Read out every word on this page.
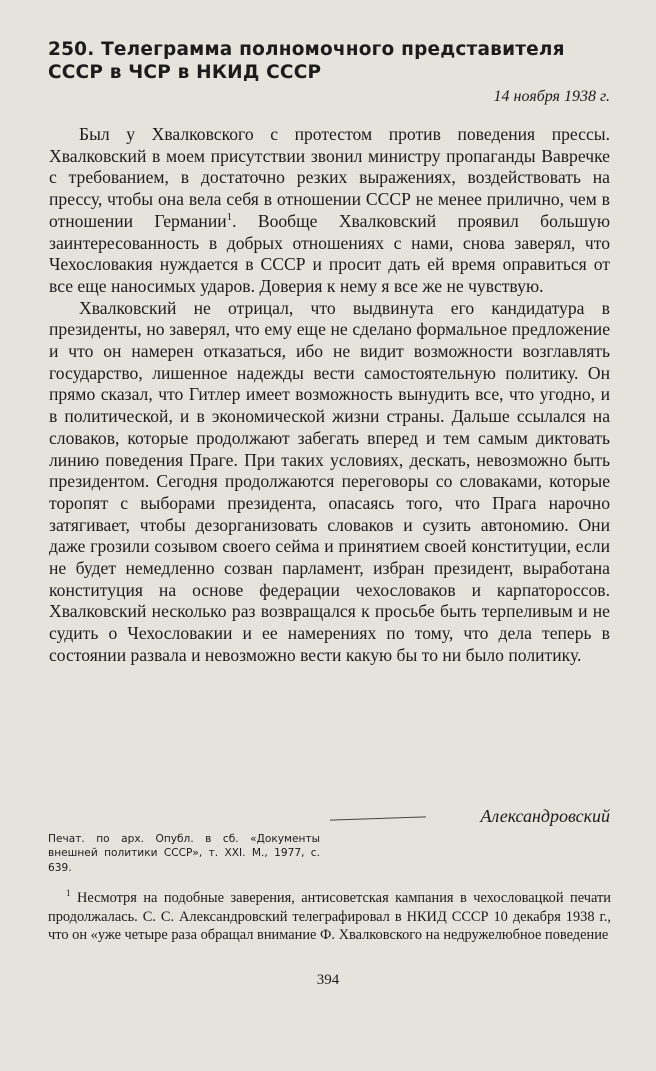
250. Телеграмма полномочного представителя СССР в ЧСР в НКИД СССР
14 ноября 1938 г.

Был у Хвалковского с протестом против поведения прессы. Хвалковский в моем присутствии звонил министру пропаганды Вавречке с требованием, в достаточно резких выражениях, воздействовать на прессу, чтобы она вела себя в отношении СССР не менее прилично, чем в отношении Германии$^1$. Вообще Хвалковский проявил большую заинтересованность в добрых отношениях с нами, снова заверял, что Чехословакия нуждается в СССР и просит дать ей время оправиться от все еще наносимых ударов. Доверия к нему я все же не чувствую.

Хвалковский не отрицал, что выдвинута его кандидатура в президенты, но заверял, что ему еще не сделано формальное предложение и что он намерен отказаться, ибо не видит возможности возглавлять государство, лишенное надежды вести самостоятельную политику. Он прямо сказал, что Гитлер имеет возможность вынудить все, что угодно, и в политической, и в экономической жизни страны. Дальше ссылался на словаков, которые продолжают забегать вперед и тем самым диктовать линию поведения Праге. При таких условиях, дескать, невозможно быть президентом. Сегодня продолжаются переговоры со словаками, которые торопят с выборами президента, опасаясь того, что Прага нарочно затягивает, чтобы дезорганизовать словаков и сузить автономию. Они даже грозили созывом своего сейма и принятием своей конституции, если не будет немедленно созван парламент, избран президент, выработана конституция на основе федерации чехословаков и карпатороссов. Хвалковский несколько раз возвращался к просьбе быть терпеливым и не судить о Чехословакии и ее намерениях по тому, что дела теперь в состоянии развала и невозможно вести какую бы то ни было политику.

Александровский
Печат. по арх. Опубл. в сб. «Документы внешней политики СССР», т. XXI. М., 1977, с. 639.

$^1$ Несмотря на подобные заверения, антисоветская кампания в чехословацкой печати продолжалась. С. С. Александровский телеграфировал в НКИД СССР 10 декабря 1938 г., что он «уже четыре раза обращал внимание Ф. Хвалковского на недружелюбное поведение

394
